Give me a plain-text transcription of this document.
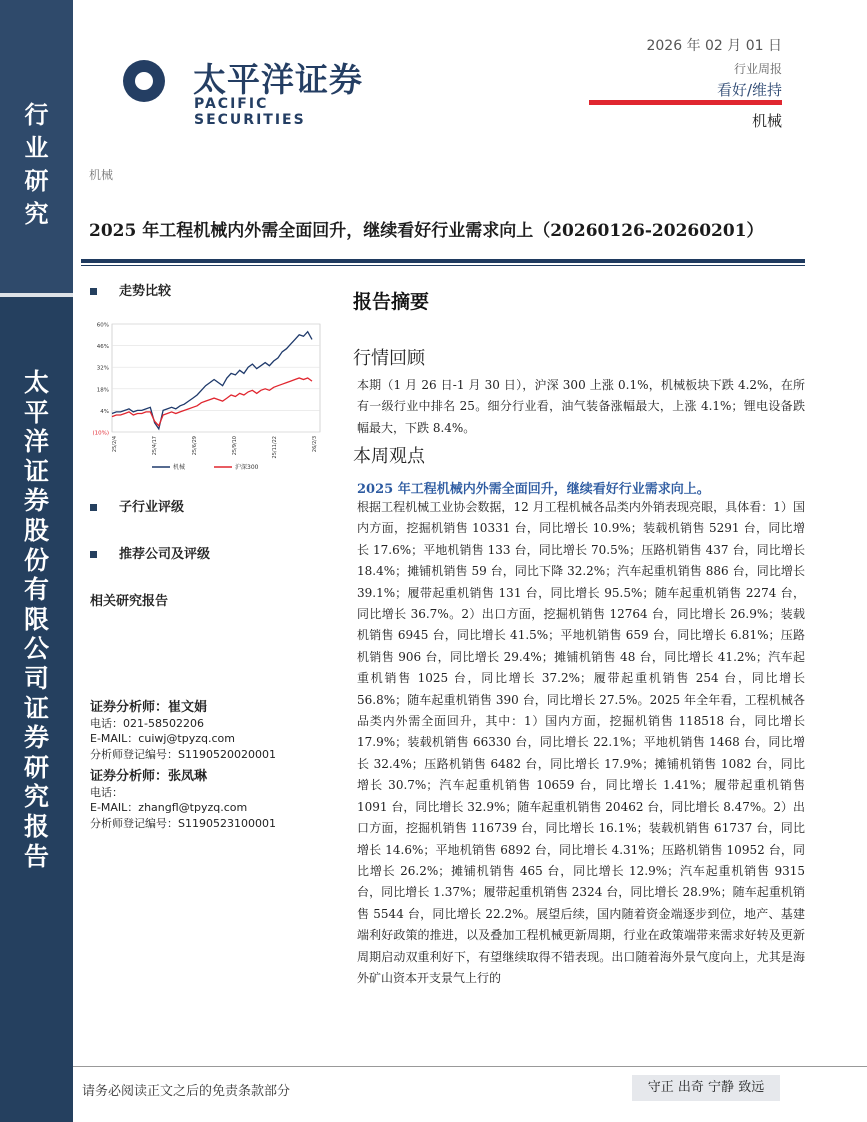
行
业
研
究
太
平
洋
证
券
股
份
有
限
公
司
证
券
研
究
报
告
太平洋证券
PACIFIC SECURITIES
2026 年 02 月 01 日
行业周报
看好/维持
机械
机械
2025 年工程机械内外需全面回升，继续看好行业需求向上（20260126-20260201）
走势比较
60%
46%
32%
18%
4%
(10%)
25/2/4	25/4/17	25/6/29	25/9/10	25/11/22	26/2/3
机械	沪深300
子行业评级
推荐公司及评级
相关研究报告
证券分析师：崔文娟
电话：021-58502206
E-MAIL：cuiwj@tpyzq.com
分析师登记编号：S1190520020001
证券分析师：张凤琳
电话：
E-MAIL：zhangfl@tpyzq.com
分析师登记编号：S1190523100001
报告摘要
行情回顾
本期（1 月 26 日-1 月 30 日），沪深 300 上涨 0.1%，机械板块下跌 4.2%，在所有一级行业中排名 25。细分行业看，油气装备涨幅最大，上涨 4.1%；锂电设备跌幅最大，下跌 8.4%。
本周观点
2025 年工程机械内外需全面回升，继续看好行业需求向上。
根据工程机械工业协会数据，12 月工程机械各品类内外销表现亮眼，具体看：1）国内方面，挖掘机销售 10331 台，同比增长 10.9%；装载机销售 5291 台，同比增长 17.6%；平地机销售 133 台，同比增长 70.5%；压路机销售 437 台，同比增长 18.4%；摊铺机销售 59 台，同比下降 32.2%；汽车起重机销售 886 台，同比增长 39.1%；履带起重机销售 131 台，同比增长 95.5%；随车起重机销售 2274 台，同比增长 36.7%。2）出口方面，挖掘机销售 12764 台，同比增长 26.9%；装载机销售 6945 台，同比增长 41.5%；平地机销售 659 台，同比增长 6.81%；压路机销售 906 台，同比增长 29.4%；摊铺机销售 48 台，同比增长 41.2%；汽车起重机销售 1025 台，同比增长 37.2%；履带起重机销售 254 台，同比增长 56.8%；随车起重机销售 390 台，同比增长 27.5%。2025 年全年看，工程机械各品类内外需全面回升，其中：1）国内方面，挖掘机销售 118518 台，同比增长 17.9%；装载机销售 66330 台，同比增长 22.1%；平地机销售 1468 台，同比增长 32.4%；压路机销售 6482 台，同比增长 17.9%；摊铺机销售 1082 台，同比增长 30.7%；汽车起重机销售 10659 台，同比增长 1.41%；履带起重机销售 1091 台，同比增长 32.9%；随车起重机销售 20462 台，同比增长 8.47%。2）出口方面，挖掘机销售 116739 台，同比增长 16.1%；装载机销售 61737 台，同比增长 14.6%；平地机销售 6892 台，同比增长 4.31%；压路机销售 10952 台，同比增长 26.2%；摊铺机销售 465 台，同比增长 12.9%；汽车起重机销售 9315 台，同比增长 1.37%；履带起重机销售 2324 台，同比增长 28.9%；随车起重机销售 5544 台，同比增长 22.2%。展望后续，国内随着资金端逐步到位，地产、基建端利好政策的推进，以及叠加工程机械更新周期，行业在政策端带来需求好转及更新周期启动双重利好下，有望继续取得不错表现。出口随着海外景气度向上，尤其是海外矿山资本开支景气上行的
请务必阅读正文之后的免责条款部分	守正 出奇 宁静 致远
